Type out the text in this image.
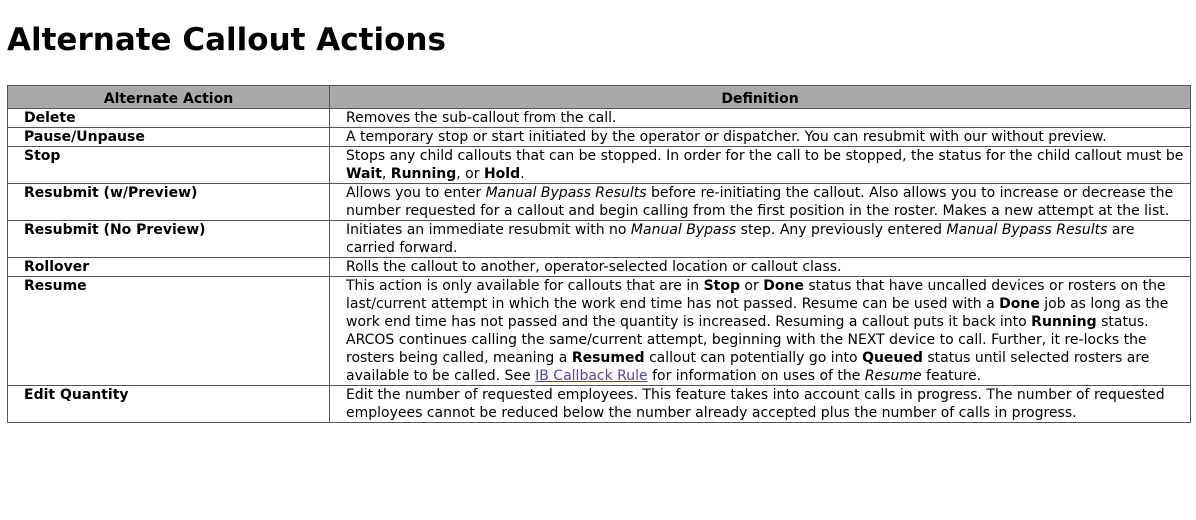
Alternate Callout Actions
Alternate Action	Definition
Delete	Removes the sub-callout from the call.
Pause/Unpause	A temporary stop or start initiated by the operator or dispatcher. You can resubmit with our without preview.
Stop	Stops any child callouts that can be stopped. In order for the call to be stopped, the status for the child callout must be Wait, Running, or Hold.
Resubmit (w/Preview)	Allows you to enter Manual Bypass Results before re-initiating the callout. Also allows you to increase or decrease the number requested for a callout and begin calling from the first position in the roster. Makes a new attempt at the list.
Resubmit (No Preview)	Initiates an immediate resubmit with no Manual Bypass step. Any previously entered Manual Bypass Results are carried forward.
Rollover	Rolls the callout to another, operator-selected location or callout class.
Resume	This action is only available for callouts that are in Stop or Done status that have uncalled devices or rosters on the last/current attempt in which the work end time has not passed. Resume can be used with a Done job as long as the work end time has not passed and the quantity is increased. Resuming a callout puts it back into Running status. ARCOS continues calling the same/current attempt, beginning with the NEXT device to call. Further, it re-locks the rosters being called, meaning a Resumed callout can potentially go into Queued status until selected rosters are available to be called. See IB Callback Rule for information on uses of the Resume feature.
Edit Quantity	Edit the number of requested employees. This feature takes into account calls in progress. The number of requested employees cannot be reduced below the number already accepted plus the number of calls in progress.
